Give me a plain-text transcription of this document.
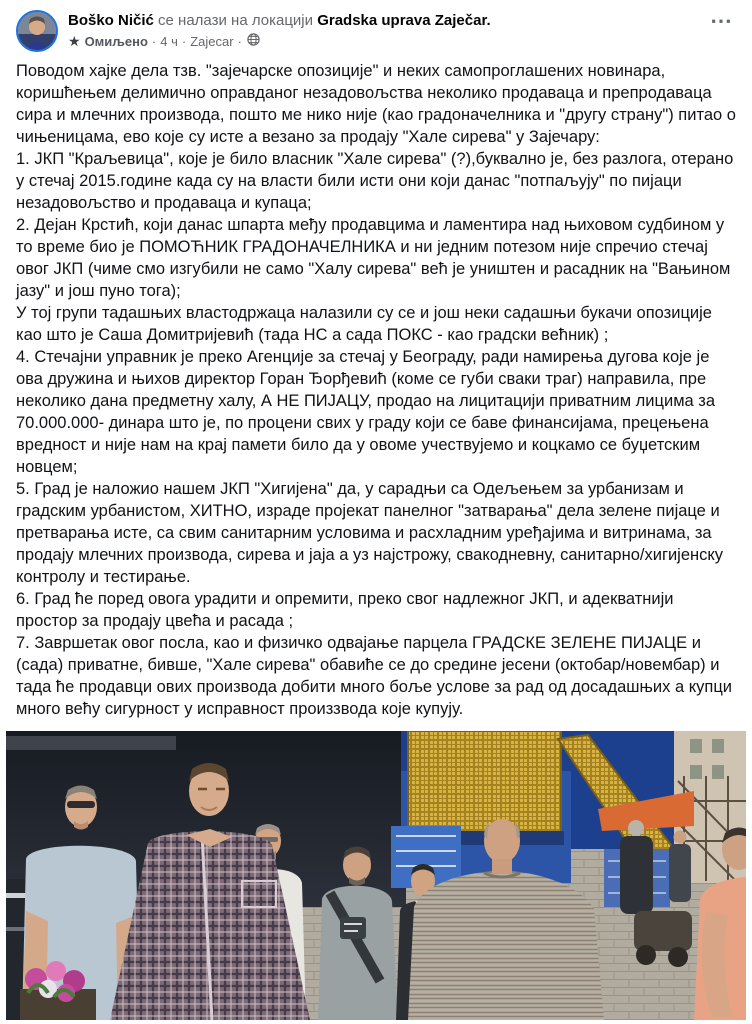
Boško Ničić се налази на локацији Gradska uprava Zaječar.
★ Омиљено · 4 ч · Zajecar ·
⋯

Поводом хајке дела тзв. "зајечарске опозиције" и неких самопроглашених новинара, коришћењем делимично оправданог незадовољства неколико продаваца и препродаваца сира и млечних производа, пошто ме нико није (као градоначелника и "другу страну") питао о чињеницама, ево које су исте а везано за продају "Хале сирева" у Зајечару:

1. ЈКП "Краљевица", које је било власник "Хале сирева" (?),буквално је, без разлога, отерано у стечај 2015.године када су на власти били исти они који данас "потпаљују" по пијаци незадовољство и продаваца и купаца;

2. Дејан Крстић, који данас шпарта међу продавцима и ламентира над њиховом судбином у то време био је ПОМОЋНИК ГРАДОНАЧЕЛНИКА и ни једним потезом није спречио стечај овог ЈКП (чиме смо изгубили не само "Халу сирева" већ је уништен и расадник на "Вањином јазу" и још пуно тога);

У тој групи тадашњих властодржаца налазили су се и још неки садашњи букачи опозиције као што је Саша Домитријевић (тада НС а сада ПОКС - као градски већник) ;

4. Стечајни управник је преко Агенције за стечај у Београду, ради намирења дугова које је ова дружина и њихов директор Горан Ђорђевић (коме се губи сваки траг) направила, пре неколико дана предметну халу, А НЕ ПИЈАЦУ, продао на лицитацији приватним лицима за 70.000.000- динара што је, по процени свих у граду који се баве финансијама, прецењена вредност и није нам на крај памети било да у овоме учествујемо и коцкамо се буџетским новцем;

5. Град је наложио нашем ЈКП "Хигијена" да, у сарадњи са Одељењем за урбанизам и градским урбанистом, ХИТНО, израде пројекат панелног "затварања" дела зелене пијаце и претварања исте, са свим санитарним условима и расхладним уређајима и витринама, за продају млечних производа, сирева и јаја а уз најстрожу, свакодневну, санитарно/хигијенску контролу и тестирање.

6. Град ће поред овога урадити и опремити, преко свог надлежног ЈКП, и адекватнији простор за продају цвећа и расада ;

7. Завршетак овог посла, као и физичко одвајање парцела ГРАДСКЕ ЗЕЛЕНЕ ПИЈАЦЕ и (сада) приватне, бивше, "Хале сирева" обавиће се до средине јесени (октобар/новембар) и тада ће продавци ових производа добити много боље услове за рад од досадашњих а купци много већу сигурност у исправност произзвода које купују.
